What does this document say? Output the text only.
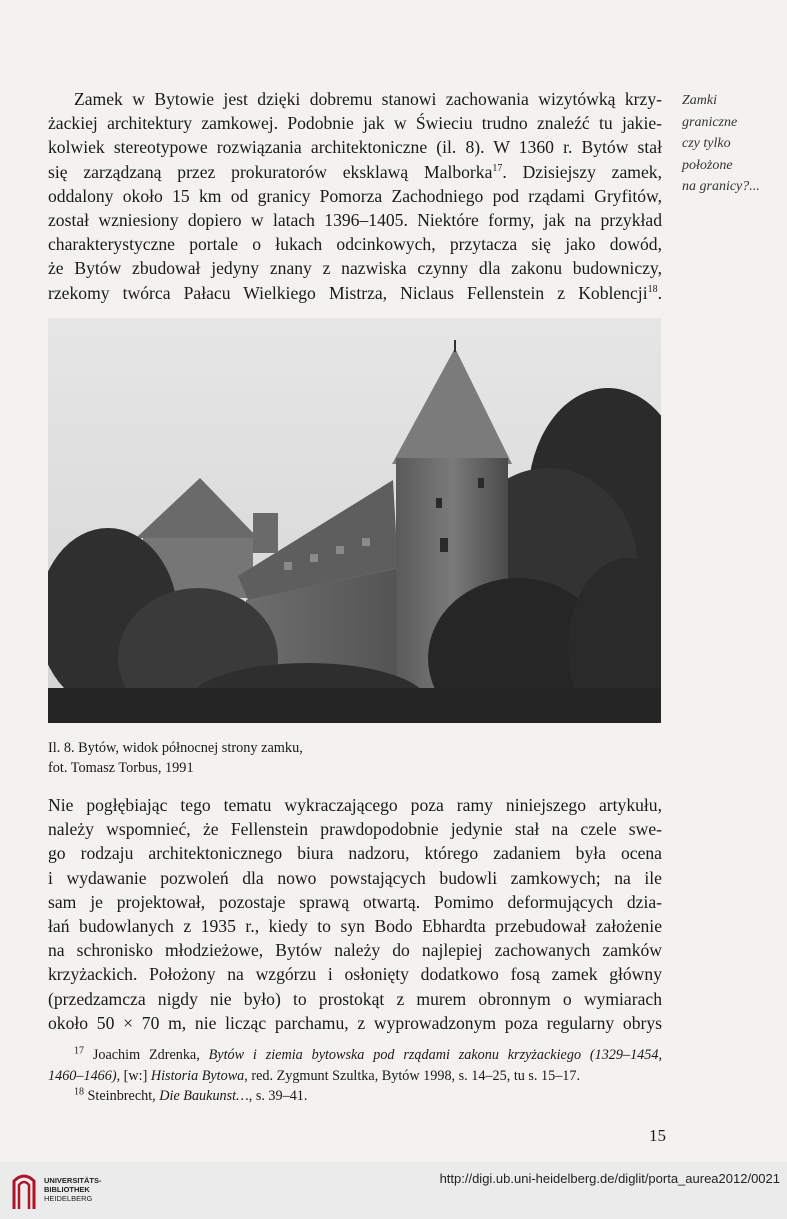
Zamek w Bytowie jest dzięki dobremu stanowi zachowania wizytówką krzy-
żackiej architektury zamkowej. Podobnie jak w Świeciu trudno znaleźć tu jakie-
kolwiek stereotypowe rozwiązania architektoniczne (il. 8). W 1360 r. Bytów stał
się zarządzaną przez prokuratorów eksklawą Malborka$^{17}$. Dzisiejszy zamek,
oddalony około 15 km od granicy Pomorza Zachodniego pod rządami Gryfitów,
został wzniesiony dopiero w latach 1396–1405. Niektóre formy, jak na przykład
charakterystyczne portale o łukach odcinkowych, przytacza się jako dowód,
że Bytów zbudował jedyny znany z nazwiska czynny dla zakonu budowniczy,
rzekomy twórca Pałacu Wielkiego Mistrza, Niclaus Fellenstein z Koblencji$^{18}$.
Zamki
graniczne
czy tylko
położone
na granicy?...
Il. 8. Bytów, widok północnej strony zamku,
fot. Tomasz Torbus, 1991
Nie pogłębiając tego tematu wykraczającego poza ramy niniejszego artykułu,
należy wspomnieć, że Fellenstein prawdopodobnie jedynie stał na czele swe-
go rodzaju architektonicznego biura nadzoru, którego zadaniem była ocena
i wydawanie pozwoleń dla nowo powstających budowli zamkowych; na ile
sam je projektował, pozostaje sprawą otwartą. Pomimo deformujących dzia-
łań budowlanych z 1935 r., kiedy to syn Bodo Ebhardta przebudował założenie
na schronisko młodzieżowe, Bytów należy do najlepiej zachowanych zamków
krzyżackich. Położony na wzgórzu i osłonięty dodatkowo fosą zamek główny
(przedzamcza nigdy nie było) to prostokąt z murem obronnym o wymiarach
około 50 × 70 m, nie licząc parchamu, z wyprowadzonym poza regularny obrys
$^{17}$ Joachim Zdrenka, Bytów i ziemia bytowska pod rządami zakonu krzyżackiego (1329–1454,
1460–1466), [w:] Historia Bytowa, red. Zygmunt Szultka, Bytów 1998, s. 14–25, tu s. 15–17.
$^{18}$ Steinbrecht, Die Baukunst…, s. 39–41.
15
UNIVERSITÄTS-
BIBLIOTHEK
HEIDELBERG
http://digi.ub.uni-heidelberg.de/diglit/porta_aurea2012/0021
